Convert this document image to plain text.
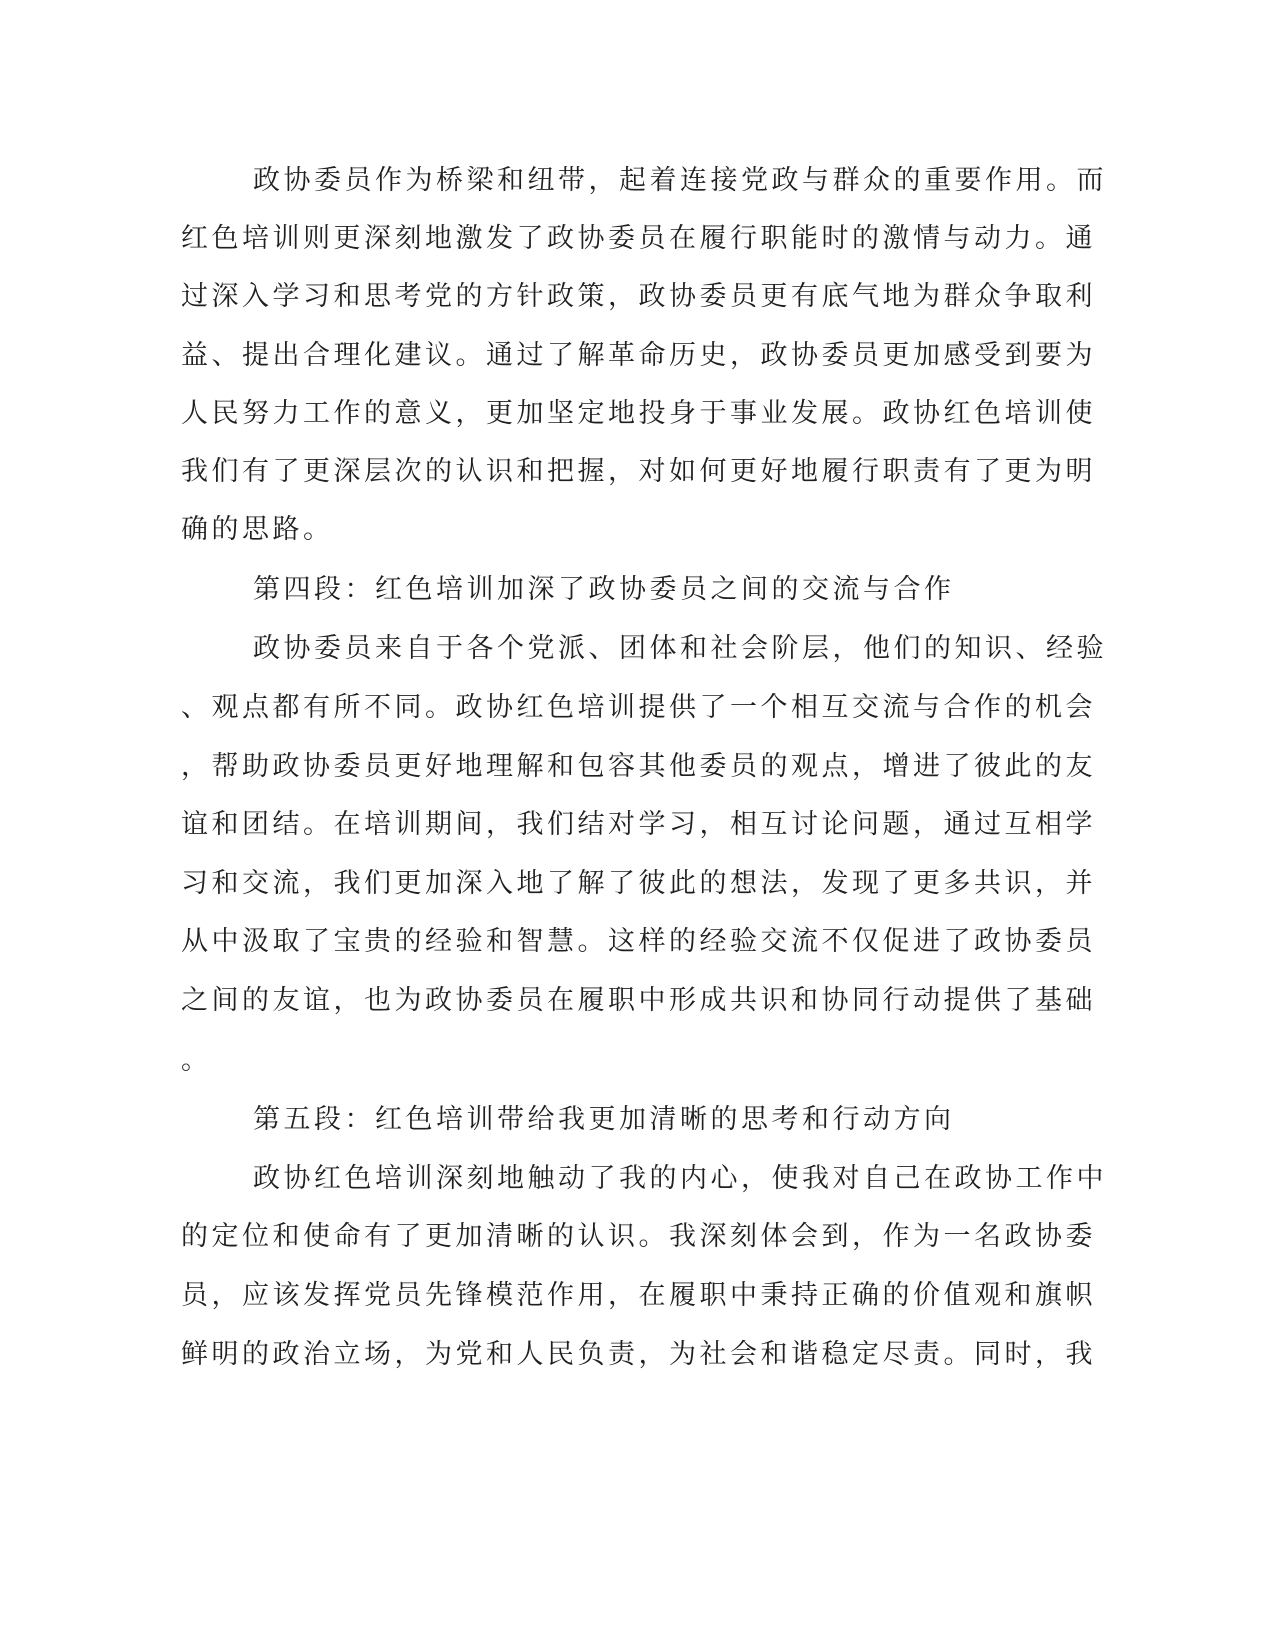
政协委员作为桥梁和纽带，起着连接党政与群众的重要作用。而
红色培训则更深刻地激发了政协委员在履行职能时的激情与动力。通
过深入学习和思考党的方针政策，政协委员更有底气地为群众争取利
益、提出合理化建议。通过了解革命历史，政协委员更加感受到要为
人民努力工作的意义，更加坚定地投身于事业发展。政协红色培训使
我们有了更深层次的认识和把握，对如何更好地履行职责有了更为明
确的思路。
第四段：红色培训加深了政协委员之间的交流与合作
政协委员来自于各个党派、团体和社会阶层，他们的知识、经验
、观点都有所不同。政协红色培训提供了一个相互交流与合作的机会
，帮助政协委员更好地理解和包容其他委员的观点，增进了彼此的友
谊和团结。在培训期间，我们结对学习，相互讨论问题，通过互相学
习和交流，我们更加深入地了解了彼此的想法，发现了更多共识，并
从中汲取了宝贵的经验和智慧。这样的经验交流不仅促进了政协委员
之间的友谊，也为政协委员在履职中形成共识和协同行动提供了基础
。
第五段：红色培训带给我更加清晰的思考和行动方向
政协红色培训深刻地触动了我的内心，使我对自己在政协工作中
的定位和使命有了更加清晰的认识。我深刻体会到，作为一名政协委
员，应该发挥党员先锋模范作用，在履职中秉持正确的价值观和旗帜
鲜明的政治立场，为党和人民负责，为社会和谐稳定尽责。同时，我
